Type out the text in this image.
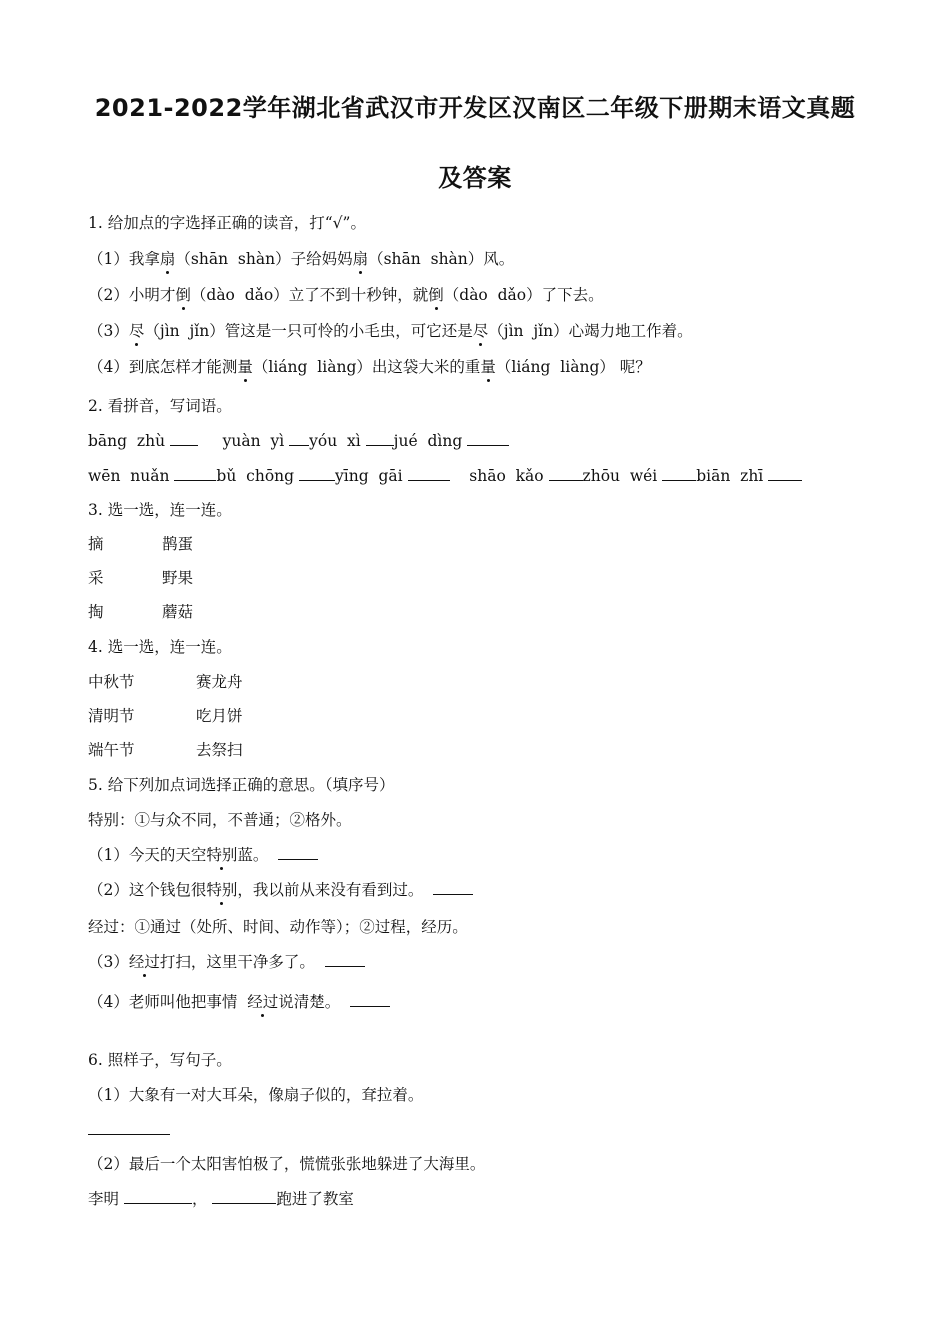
2021-2022学年湖北省武汉市开发区汉南区二年级下册期末语文真题
及答案
1. 给加点的字选择正确的读音，打“√”。
（1）我拿扇（shān  shàn）子给妈妈扇（shān  shàn）风。
（2）小明才倒（dào  dǎo）立了不到十秒钟，就倒（dào  dǎo）了下去。
（3）尽（jìn  jǐn）管这是一只可怜的小毛虫，可它还是尽（jìn  jǐn）心竭力地工作着。
（4）到底怎样才能测量（liáng  liàng）出这袋大米的重量（liáng  liàng） 呢？
2. 看拼音，写词语。
bāng  zhù	yuàn  yì yóu  xì jué  dìng
wēn  nuǎn	bǔ  chōng	yīng  gāi	shāo  kǎo	zhōu  wéi	biān  zhī
3. 选一选，连一连。
摘	鹊蛋
采	野果
掏	蘑菇
4. 选一选，连一连。
中秋节	赛龙舟
清明节	吃月饼
端午节	去祭扫
5. 给下列加点词选择正确的意思。（填序号）
特别：①与众不同，不普通；②格外。
（1）今天的天空特别蓝。
（2）这个钱包很特别，我以前从来没有看到过。
经过：①通过（处所、时间、动作等）；②过程，经历。
（3）经过打扫，这里干净多了。
（4）老师叫他把事情  经过说清楚。
6. 照样子，写句子。
（1）大象有一对大耳朵，像扇子似的，耷拉着。
（2）最后一个太阳害怕极了，慌慌张张地躲进了大海里。
李明	，	跑进了教室
